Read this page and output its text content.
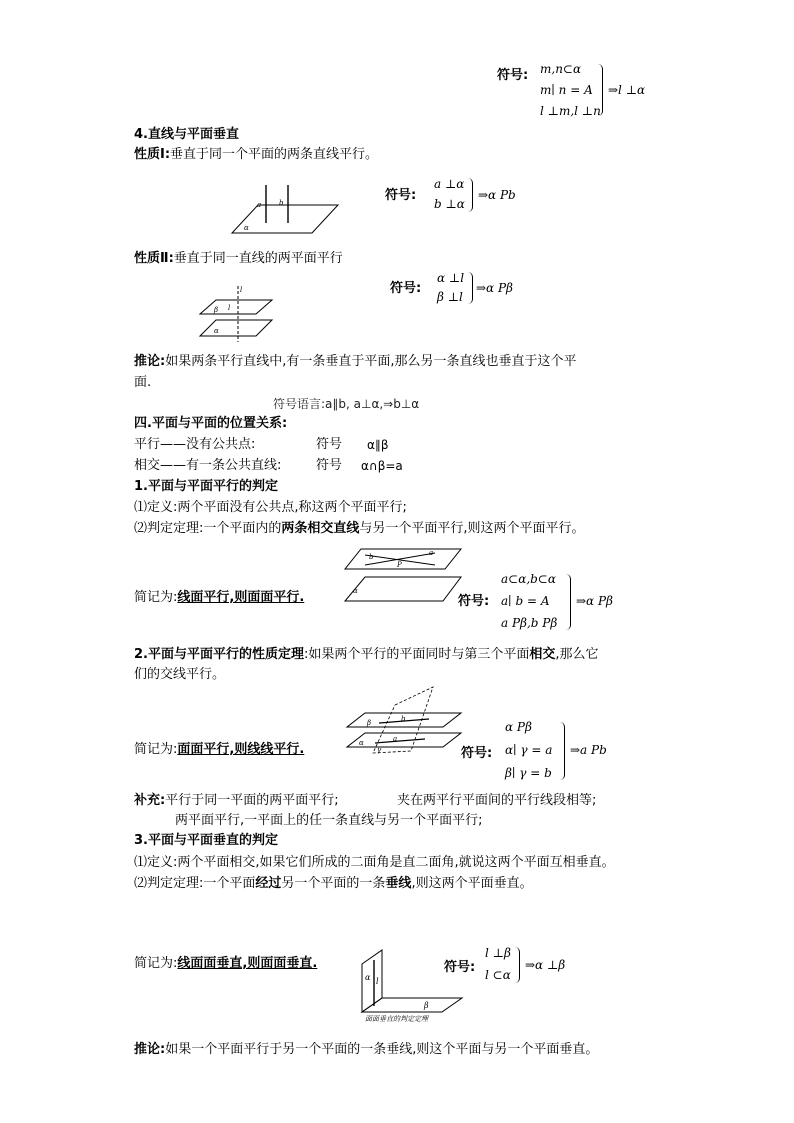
符号: m,n⊂α
m∣ n = A
l ⊥m,l ⊥n
⇒l ⊥α
4.直线与平面垂直
性质Ⅰ:垂直于同一个平面的两条直线平行。
a	b
α
符号:
a ⊥α
b ⊥α
⇒α Pb
性质Ⅱ:垂直于同一直线的两平面平行
l
β l
α
符号:
α ⊥l
β ⊥l
⇒α Pβ
推论:如果两条平行直线中,有一条垂直于平面,那么另一条直线也垂直于这个平
面.
符号语言:a∥b, a⊥α,⇒b⊥α
四.平面与平面的位置关系:
平行——没有公共点:	符号 α∥β
相交——有一条公共直线:	符号 α∩β=a
1.平面与平面平行的判定
⑴定义:两个平面没有公共点,称这两个平面平行;
⑵判定定理:一个平面内的两条相交直线与另一个平面平行,则这两个平面平行。
b	a
P
α
简记为:线面平行,则面面平行.	符号:
a⊂α,b⊂α
a∣ b = A
a Pβ,b Pβ
⇒α Pβ
2.平面与平面平行的性质定理:如果两个平行的平面同时与第三个平面相交,那么它
们的交线平行。
β	b
α	a
γ
简记为:面面平行,则线线平行.	符号:
α Pβ
α∣ γ = a
β∣ γ = b
⇒a Pb
补充:平行于同一平面的两平面平行;	夹在两平行平面间的平行线段相等;
两平面平行,一平面上的任一条直线与另一个平面平行;
3.平面与平面垂直的判定
⑴定义:两个平面相交,如果它们所成的二面角是直二面角,就说这两个平面互相垂直。
⑵判定定理:一个平面经过另一个平面的一条垂线,则这两个平面垂直。
简记为:线面面垂直,则面面垂直.
α l
β
面面垂直的判定定理
符号:
l ⊥β
l ⊂α
⇒α ⊥β
推论:如果一个平面平行于另一个平面的一条垂线,则这个平面与另一个平面垂直。
